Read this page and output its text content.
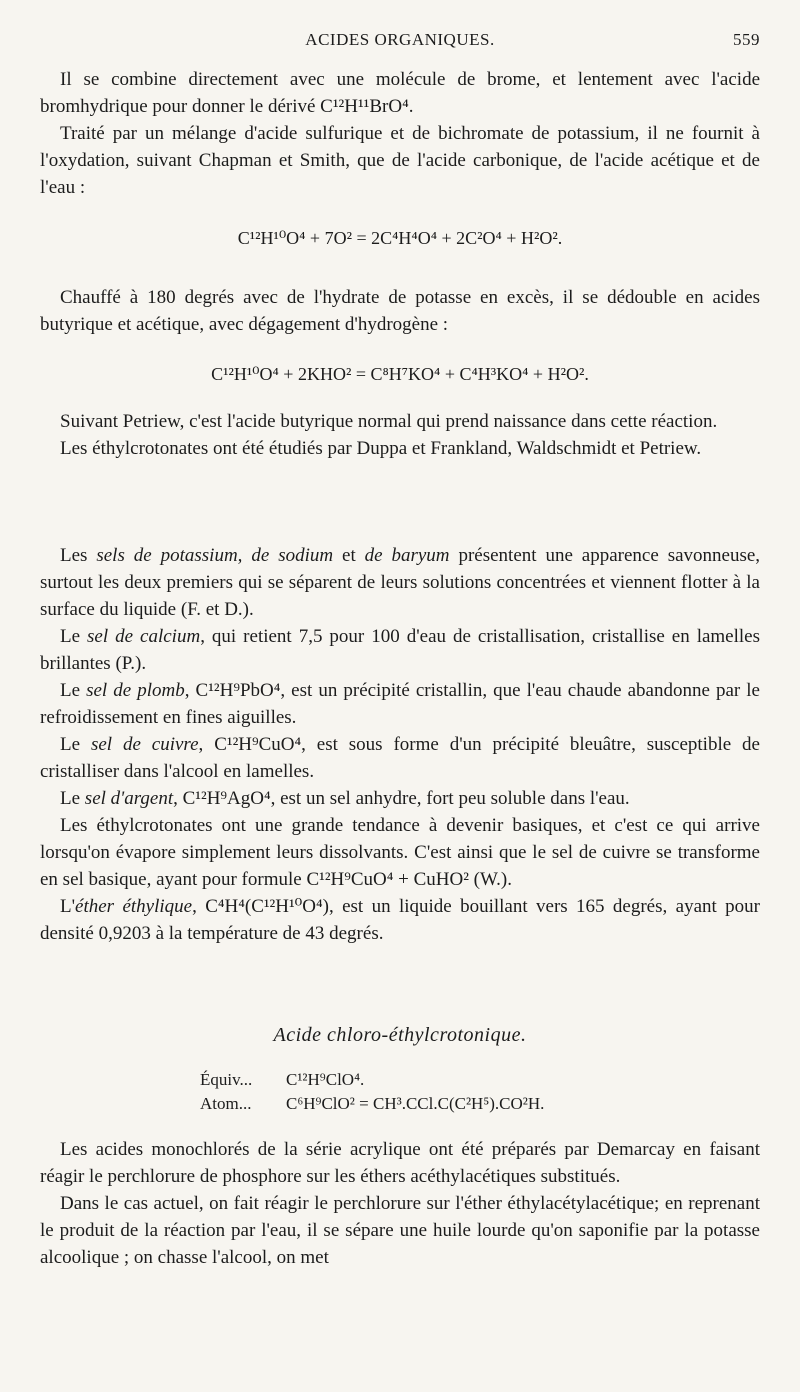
ACIDES ORGANIQUES.	559

Il se combine directement avec une molécule de brome, et lentement avec l'acide bromhydrique pour donner le dérivé C¹²H¹¹BrO⁴.

Traité par un mélange d'acide sulfurique et de bichromate de potassium, il ne fournit à l'oxydation, suivant Chapman et Smith, que de l'acide carbonique, de l'acide acétique et de l'eau :

C¹²H¹⁰O⁴ + 7O² = 2C⁴H⁴O⁴ + 2C²O⁴ + H²O².

Chauffé à 180 degrés avec de l'hydrate de potasse en excès, il se dédouble en acides butyrique et acétique, avec dégagement d'hydrogène :

C¹²H¹⁰O⁴ + 2KHO² = C⁸H⁷KO⁴ + C⁴H³KO⁴ + H²O².

Suivant Petriew, c'est l'acide butyrique normal qui prend naissance dans cette réaction.

Les éthylcrotonates ont été étudiés par Duppa et Frankland, Waldschmidt et Petriew.

Les sels de potassium, de sodium et de baryum présentent une apparence savonneuse, surtout les deux premiers qui se séparent de leurs solutions concentrées et viennent flotter à la surface du liquide (F. et D.).

Le sel de calcium, qui retient 7,5 pour 100 d'eau de cristallisation, cristallise en lamelles brillantes (P.).

Le sel de plomb, C¹²H⁹PbO⁴, est un précipité cristallin, que l'eau chaude abandonne par le refroidissement en fines aiguilles.

Le sel de cuivre, C¹²H⁹CuO⁴, est sous forme d'un précipité bleuâtre, susceptible de cristalliser dans l'alcool en lamelles.

Le sel d'argent, C¹²H⁹AgO⁴, est un sel anhydre, fort peu soluble dans l'eau.

Les éthylcrotonates ont une grande tendance à devenir basiques, et c'est ce qui arrive lorsqu'on évapore simplement leurs dissolvants. C'est ainsi que le sel de cuivre se transforme en sel basique, ayant pour formule C¹²H⁹CuO⁴ + CuHO² (W.).

L'éther éthylique, C⁴H⁴(C¹²H¹⁰O⁴), est un liquide bouillant vers 165 degrés, ayant pour densité 0,9203 à la température de 43 degrés.

Acide chloro-éthylcrotonique.
Équiv... C¹²H⁹ClO⁴.
Atom... C⁶H⁹ClO² = CH³.CCl.C(C²H⁵).CO²H.

Les acides monochlorés de la série acrylique ont été préparés par Demarcay en faisant réagir le perchlorure de phosphore sur les éthers acéthylacétiques substitués.

Dans le cas actuel, on fait réagir le perchlorure sur l'éther éthylacétylacétique; en reprenant le produit de la réaction par l'eau, il se sépare une huile lourde qu'on saponifie par la potasse alcoolique ; on chasse l'alcool, on met
